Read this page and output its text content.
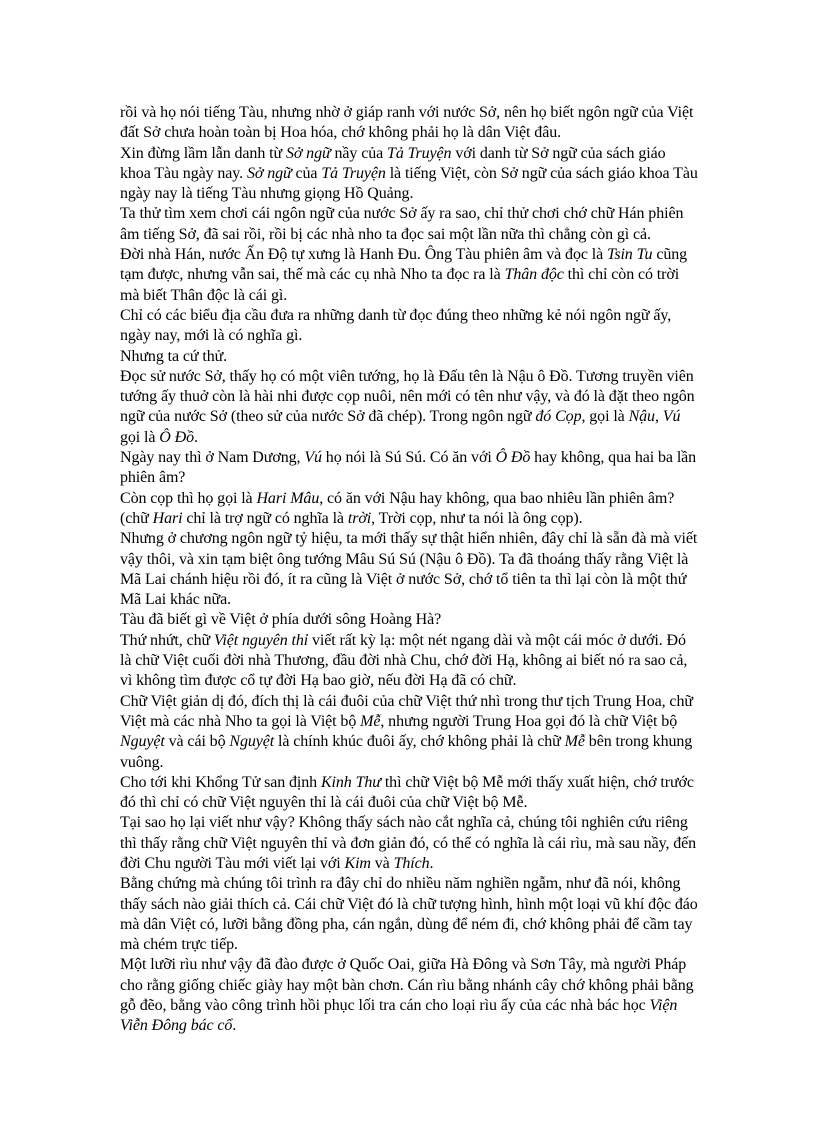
rồi và họ nói tiếng Tàu, nhưng nhờ ở giáp ranh với nước Sở, nên họ biết ngôn ngữ của Việt đất Sở chưa hoàn toàn bị Hoa hóa, chớ không phải họ là dân Việt đâu.

Xin đừng lầm lẫn danh từ Sở ngữ nầy của Tả Truyện với danh từ Sở ngữ của sách giáo khoa Tàu ngày nay. Sở ngữ của Tả Truyện là tiếng Việt, còn Sở ngữ của sách giáo khoa Tàu ngày nay là tiếng Tàu nhưng giọng Hồ Quảng.

Ta thử tìm xem chơi cái ngôn ngữ của nước Sở ấy ra sao, chỉ thử chơi chớ chữ Hán phiên âm tiếng Sở, đã sai rồi, rồi bị các nhà nho ta đọc sai một lần nữa thì chẳng còn gì cả.

Đời nhà Hán, nước Ấn Độ tự xưng là Hanh Đu. Ông Tàu phiên âm và đọc là Tsin Tu cũng tạm được, nhưng vẫn sai, thế mà các cụ nhà Nho ta đọc ra là Thân độc thì chỉ còn có trời mà biết Thân độc là cái gì.

Chỉ có các biểu địa cầu đưa ra những danh từ đọc đúng theo những kẻ nói ngôn ngữ ấy, ngày nay, mới là có nghĩa gì.

Nhưng ta cứ thử.

Đọc sử nước Sở, thấy họ có một viên tướng, họ là Đấu tên là Nậu ô Đồ. Tương truyền viên tướng ấy thuở còn là hài nhi được cọp nuôi, nên mới có tên như vậy, và đó là đặt theo ngôn ngữ của nước Sở (theo sử của nước Sở đã chép). Trong ngôn ngữ đó Cọp, gọi là Nậu, Vú gọi là Ô Đồ.

Ngày nay thì ở Nam Dương, Vú họ nói là Sú Sú. Có ăn với Ô Đồ hay không, qua hai ba lần phiên âm?

Còn cọp thì họ gọi là Hari Mâu, có ăn với Nậu hay không, qua bao nhiêu lần phiên âm? (chữ Hari chỉ là trợ ngữ có nghĩa là trời, Trời cọp, như ta nói là ông cọp).

Nhưng ở chương ngôn ngữ tỷ hiệu, ta mới thấy sự thật hiển nhiên, đây chỉ là sẵn đà mà viết vậy thôi, và xin tạm biệt ông tướng Mâu Sú Sú (Nậu ô Đồ). Ta đã thoáng thấy rằng Việt là Mã Lai chánh hiệu rồi đó, ít ra cũng là Việt ở nước Sở, chớ tổ tiên ta thì lại còn là một thứ Mã Lai khác nữa.

Tàu đã biết gì về Việt ở phía dưới sông Hoàng Hà?

Thứ nhứt, chữ Việt nguyên thỉ viết rất kỳ lạ: một nét ngang dài và một cái móc ở dưới. Đó là chữ Việt cuối đời nhà Thương, đầu đời nhà Chu, chớ đời Hạ, không ai biết nó ra sao cả, vì không tìm được cổ tự đời Hạ bao giờ, nếu đời Hạ đã có chữ.

Chữ Việt giản dị đó, đích thị là cái đuôi của chữ Việt thứ nhì trong thư tịch Trung Hoa, chữ Việt mà các nhà Nho ta gọi là Việt bộ Mễ, nhưng người Trung Hoa gọi đó là chữ Việt bộ Nguyệt và cái bộ Nguyệt là chính khúc đuôi ấy, chớ không phải là chữ Mễ bên trong khung vuông.

Cho tới khi Khổng Tử san định Kinh Thư thì chữ Việt bộ Mễ mới thấy xuất hiện, chớ trước đó thì chỉ có chữ Việt nguyên thỉ là cái đuôi của chữ Việt bộ Mễ.

Tại sao họ lại viết như vậy? Không thấy sách nào cắt nghĩa cả, chúng tôi nghiên cứu riêng thì thấy rằng chữ Việt nguyên thỉ và đơn giản đó, có thể có nghĩa là cái rìu, mà sau nầy, đến đời Chu người Tàu mới viết lại với Kim và Thích.

Bằng chứng mà chúng tôi trình ra đây chỉ do nhiều năm nghiền ngẫm, như đã nói, không thấy sách nào giải thích cả. Cái chữ Việt đó là chữ tượng hình, hình một loại vũ khí độc đáo mà dân Việt có, lưỡi bằng đồng pha, cán ngắn, dùng để ném đi, chớ không phải để cầm tay mà chém trực tiếp.

Một lưỡi rìu như vậy đã đào được ở Quốc Oai, giữa Hà Đông và Sơn Tây, mà người Pháp cho rằng giống chiếc giày hay một bàn chơn. Cán rìu bằng nhánh cây chớ không phải bằng gỗ đẽo, bằng vào công trình hồi phục lối tra cán cho loại rìu ấy của các nhà bác học Viện Viễn Đông bác cổ.
